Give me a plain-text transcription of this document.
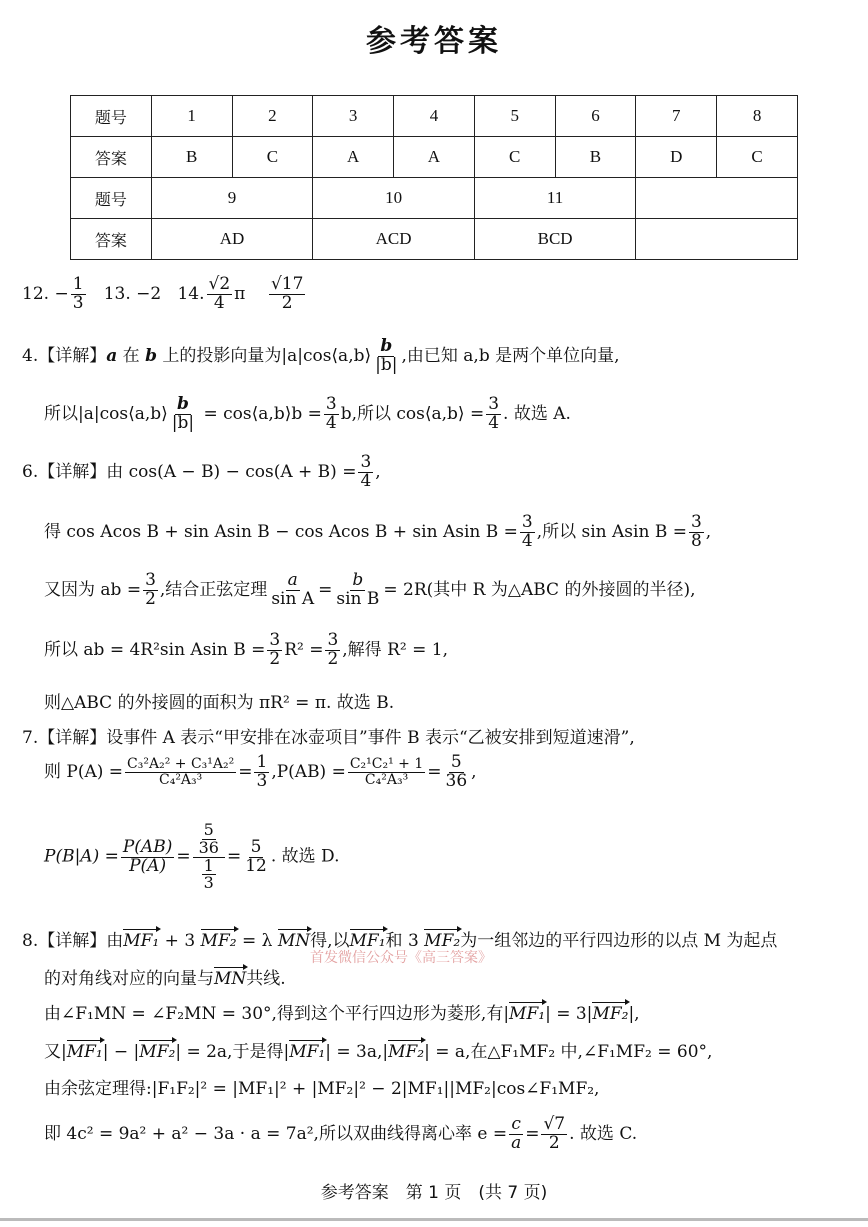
参考答案
题号	1	2	3	4	5	6	7	8
答案	B	C	A	A	C	B	D	C
题号	9		10		11			
答案	AD		ACD		BCD			
12. − $\frac{1}{3} 13$. −2 14. $\frac{√2}{4}$ π $\frac{√17}{2}$
4.【详解】a 在 b 上的投影向量为|a|cos⟨a,b⟩ $\frac{b}{|b|}$ ,由已知 a,b 是两个单位向量,
所以|a|cos⟨a,b⟩ $\frac{b}{|b|}$ = cos⟨a,b⟩b = $\frac{3}{4} b$,所以 cos⟨a,b⟩ = $\frac{3}{4}$ . 故选 A.
6.【详解】由 $\cos(A - B) - \cos(A + B) = \frac{3}{4}$ ,
得 cos Acos B + sin Asin B − cos Acos B + sin Asin $B = \frac{3}{4}$ ,所以 sin Asin $B = \frac{3}{8}$ ,
又因为 ab = $\frac{3}{2}$ ,结合正弦定理 $\frac{a}{\text{sin A}} = \frac{b}{\text{sin B}} = 2R$(其中 R 为△ABC 的外接圆的半径),
所以 ab = 4R²sin Asin $B = \frac{3}{2} R^2 = \frac{3}{2}$ ,解得 R² = 1,
则△ABC 的外接圆的面积为 πR² = π. 故选 B.
7.【详解】设事件 A 表示“甲安排在冰壶项目”事件 B 表示“乙被安排到短道速滑”,
则 $P(A) = \frac{\text{C₃²A₂² + C₃¹A₂²}}{\text{C₄²A₃³}} = \frac{1}{3} ,P(AB) = \frac{\text{C₂¹C₂¹ + 1}}{\text{C₄²A₃³}} = \frac{5}{36}$ ,
$P(B|A) = \frac{P(AB)}{P(A)} = \frac{\frac{5}{36}}{\frac{1}{3}} = \frac{5}{12}$ . 故选 D.
8.【详解】由MF₁ + 3 MF₂ = λ MN得,以MF₁和 3 MF₂为一组邻边的平行四边形的以点 M 为起点
首发微信公众号《高三答案》
的对角线对应的向量与MN共线.
由∠F₁MN = ∠F₂MN = 30°,得到这个平行四边形为菱形,有|MF₁| = 3|MF₂|,
又|MF₁| − |MF₂| = 2a,于是得|MF₁| = 3a,|MF₂| = a,在△F₁MF₂ 中,∠F₁MF₂ = 60°,
由余弦定理得:|F₁F₂|² = |MF₁|² + |MF₂|² − 2|MF₁||MF₂|cos∠F₁MF₂,
即 4c² = 9a² + a² − 3a · a = 7a²,所以双曲线得离心率 $e = \frac{c}{a} = \frac{√7}{2}$ . 故选 C.
参考答案　第 1 页　(共 7 页)
